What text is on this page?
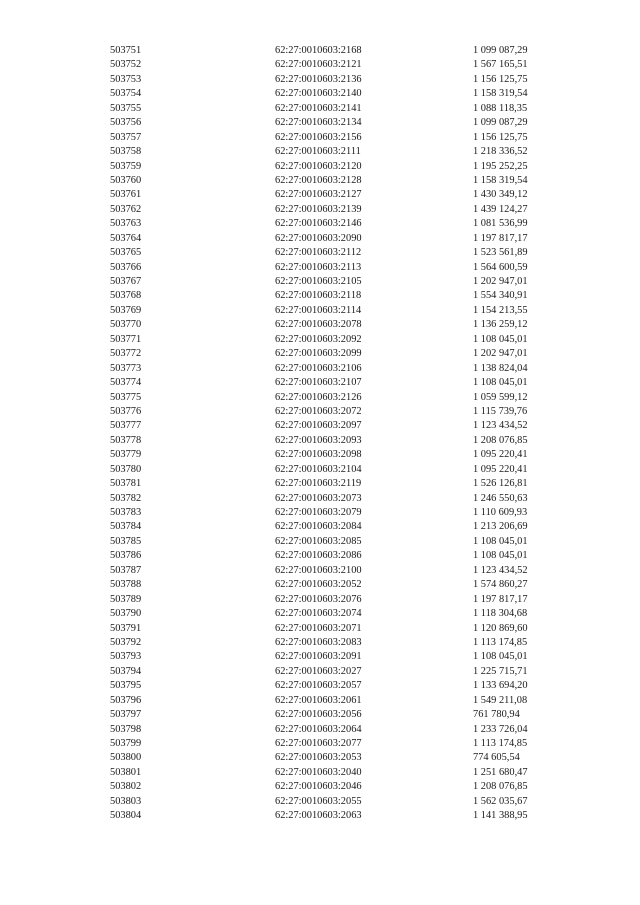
503751	62:27:0010603:2168	1 099 087,29
503752	62:27:0010603:2121	1 567 165,51
503753	62:27:0010603:2136	1 156 125,75
503754	62:27:0010603:2140	1 158 319,54
503755	62:27:0010603:2141	1 088 118,35
503756	62:27:0010603:2134	1 099 087,29
503757	62:27:0010603:2156	1 156 125,75
503758	62:27:0010603:2111	1 218 336,52
503759	62:27:0010603:2120	1 195 252,25
503760	62:27:0010603:2128	1 158 319,54
503761	62:27:0010603:2127	1 430 349,12
503762	62:27:0010603:2139	1 439 124,27
503763	62:27:0010603:2146	1 081 536,99
503764	62:27:0010603:2090	1 197 817,17
503765	62:27:0010603:2112	1 523 561,89
503766	62:27:0010603:2113	1 564 600,59
503767	62:27:0010603:2105	1 202 947,01
503768	62:27:0010603:2118	1 554 340,91
503769	62:27:0010603:2114	1 154 213,55
503770	62:27:0010603:2078	1 136 259,12
503771	62:27:0010603:2092	1 108 045,01
503772	62:27:0010603:2099	1 202 947,01
503773	62:27:0010603:2106	1 138 824,04
503774	62:27:0010603:2107	1 108 045,01
503775	62:27:0010603:2126	1 059 599,12
503776	62:27:0010603:2072	1 115 739,76
503777	62:27:0010603:2097	1 123 434,52
503778	62:27:0010603:2093	1 208 076,85
503779	62:27:0010603:2098	1 095 220,41
503780	62:27:0010603:2104	1 095 220,41
503781	62:27:0010603:2119	1 526 126,81
503782	62:27:0010603:2073	1 246 550,63
503783	62:27:0010603:2079	1 110 609,93
503784	62:27:0010603:2084	1 213 206,69
503785	62:27:0010603:2085	1 108 045,01
503786	62:27:0010603:2086	1 108 045,01
503787	62:27:0010603:2100	1 123 434,52
503788	62:27:0010603:2052	1 574 860,27
503789	62:27:0010603:2076	1 197 817,17
503790	62:27:0010603:2074	1 118 304,68
503791	62:27:0010603:2071	1 120 869,60
503792	62:27:0010603:2083	1 113 174,85
503793	62:27:0010603:2091	1 108 045,01
503794	62:27:0010603:2027	1 225 715,71
503795	62:27:0010603:2057	1 133 694,20
503796	62:27:0010603:2061	1 549 211,08
503797	62:27:0010603:2056	761 780,94
503798	62:27:0010603:2064	1 233 726,04
503799	62:27:0010603:2077	1 113 174,85
503800	62:27:0010603:2053	774 605,54
503801	62:27:0010603:2040	1 251 680,47
503802	62:27:0010603:2046	1 208 076,85
503803	62:27:0010603:2055	1 562 035,67
503804	62:27:0010603:2063	1 141 388,95
